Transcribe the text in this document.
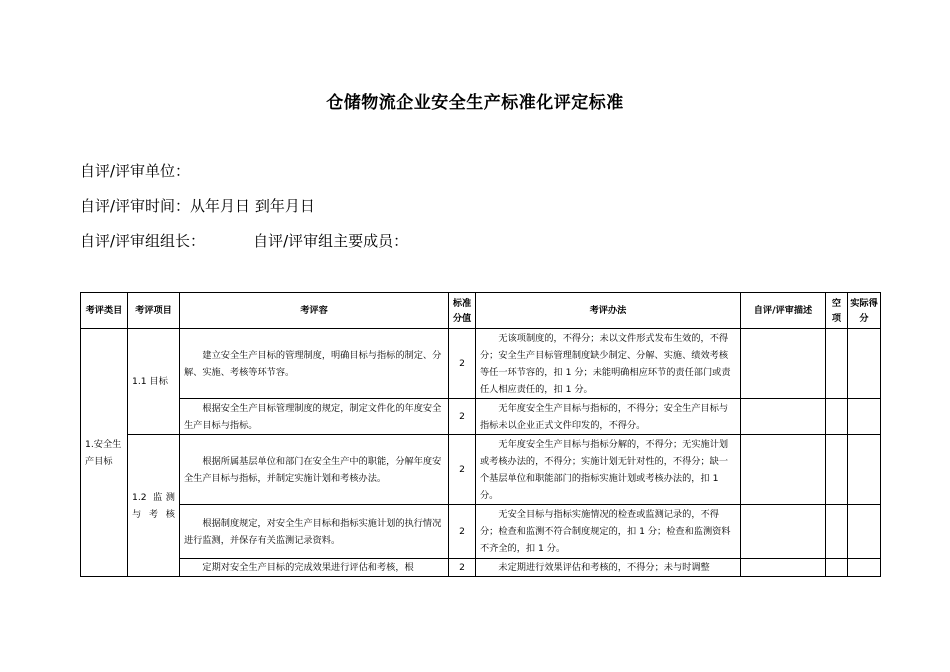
仓储物流企业安全生产标准化评定标准
自评/评审单位：
自评/评审时间：从年月日 到年月日
自评/评审组组长：	自评/评审组主要成员：
考评类目	考评项目	考评容	标准分值	考评办法	自评/评审描述	空项	实际得分
1.安全生产目标	1.1 目标	建立安全生产目标的管理制度，明确目标与指标的制定、分解、实施、考核等环节容。	2	无该项制度的，不得分；未以文件形式发布生效的，不得分；安全生产目标管理制度缺少制定、分解、实施、绩效考核等任一环节容的，扣 1 分；未能明确相应环节的责任部门或责任人相应责任的，扣 1 分。			
		根据安全生产目标管理制度的规定，制定文件化的年度安全生产目标与指标。	2	无年度安全生产目标与指标的，不得分；安全生产目标与指标未以企业正式文件印发的，不得分。			

	1.2 监测与考核	根据所属基层单位和部门在安全生产中的职能，分解年度安全生产目标与指标，并制定实施计划和考核办法。	2	无年度安全生产目标与指标分解的，不得分；无实施计划或考核办法的，不得分；实施计划无针对性的，不得分；缺一个基层单位和职能部门的指标实施计划或考核办法的，扣 1 分。			
		根据制度规定，对安全生产目标和指标实施计划的执行情况进行监测，并保存有关监测记录资料。	2	无安全目标与指标实施情况的检查或监测记录的，不得分；检查和监测不符合制度规定的，扣 1 分；检查和监测资料不齐全的，扣 1 分。			
		定期对安全生产目标的完成效果进行评估和考核，根	2	未定期进行效果评估和考核的，不得分；未与时调整			
